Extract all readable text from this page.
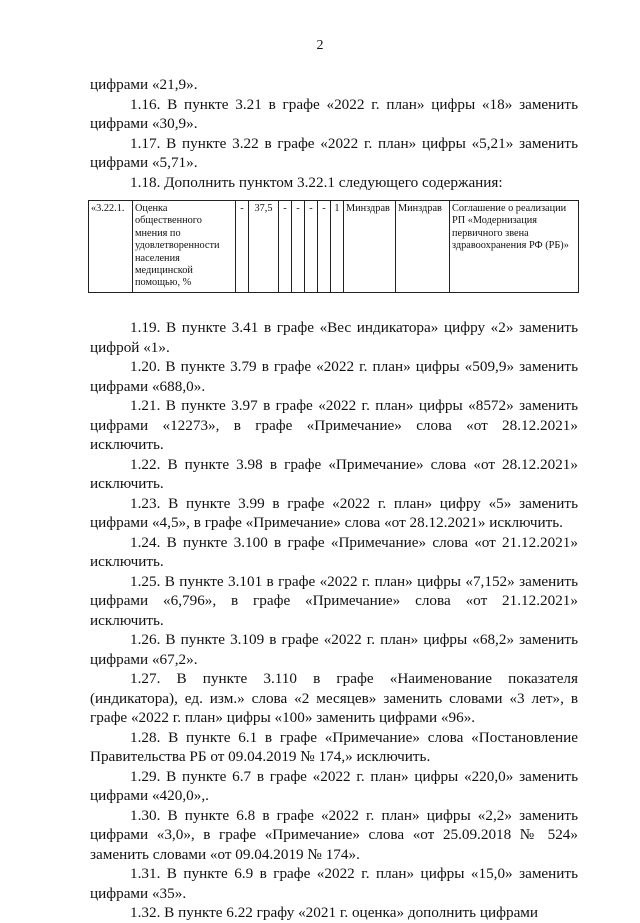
2

цифрами «21,9».

1.16. В пункте 3.21 в графе «2022 г. план» цифры «18» заменить цифрами «30,9».

1.17. В пункте 3.22 в графе «2022 г. план» цифры «5,21» заменить цифрами «5,71».

1.18. Дополнить пунктом 3.22.1 следующего содержания:

«3.22.1.	Оценка общественного мнения по удовлетворенности населения медицинской помощью, %	-	37,5	-	-	-	-	1	Минздрав	Минздрав	Соглашение о реализации РП «Модернизация первичного звена здравоохранения РФ (РБ)»

1.19. В пункте 3.41 в графе «Вес индикатора» цифру «2» заменить цифрой «1».

1.20. В пункте 3.79 в графе «2022 г. план» цифры «509,9» заменить цифрами «688,0».

1.21. В пункте 3.97 в графе «2022 г. план» цифры «8572» заменить цифрами «12273», в графе «Примечание» слова «от 28.12.2021» исключить.

1.22. В пункте 3.98 в графе «Примечание» слова «от 28.12.2021» исключить.

1.23. В пункте 3.99 в графе «2022 г. план» цифру «5» заменить цифрами «4,5», в графе «Примечание» слова «от 28.12.2021» исключить.

1.24. В пункте 3.100 в графе «Примечание» слова «от 21.12.2021» исключить.

1.25. В пункте 3.101 в графе «2022 г. план» цифры «7,152» заменить цифрами «6,796», в графе «Примечание» слова «от 21.12.2021» исключить.

1.26. В пункте 3.109 в графе «2022 г. план» цифры «68,2» заменить цифрами «67,2».

1.27. В пункте 3.110 в графе «Наименование показателя (индикатора), ед. изм.» слова «2 месяцев» заменить словами «3 лет», в графе «2022 г. план» цифры «100» заменить цифрами «96».

1.28. В пункте 6.1 в графе «Примечание» слова «Постановление Правительства РБ от 09.04.2019 № 174,» исключить.

1.29. В пункте 6.7 в графе «2022 г. план» цифры «220,0» заменить цифрами «420,0»,.

1.30. В пункте 6.8 в графе «2022 г. план» цифры «2,2» заменить цифрами «3,0», в графе «Примечание» слова «от 25.09.2018 № 524» заменить словами «от 09.04.2019 № 174».

1.31. В пункте 6.9 в графе «2022 г. план» цифры «15,0» заменить цифрами «35».

1.32. В пункте 6.22 графу «2021 г. оценка» дополнить цифрами
